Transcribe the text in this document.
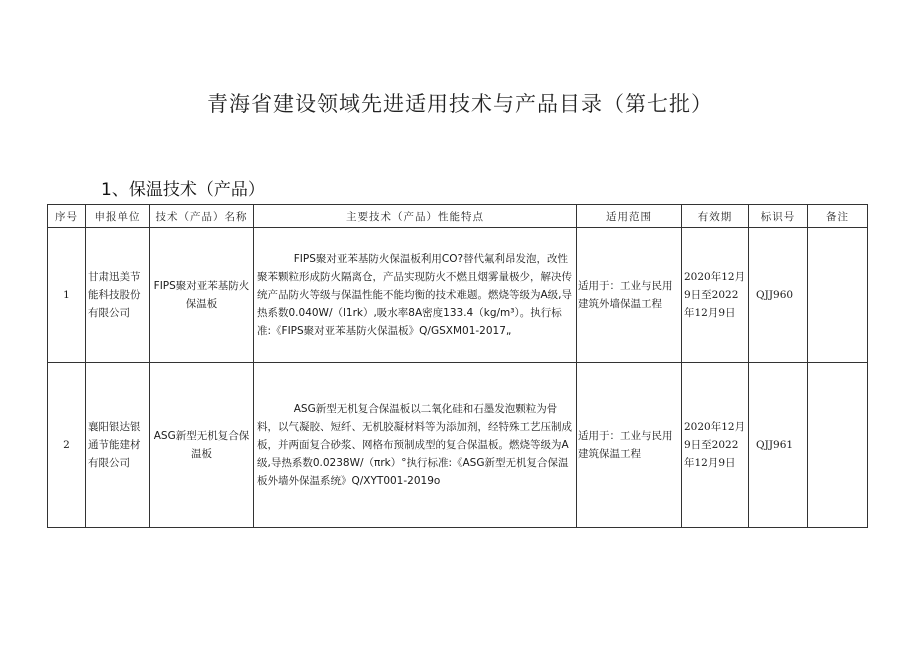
青海省建设领域先进适用技术与产品目录（第七批）
1、保温技术（产品）
序号	申报单位	技术（产品）名称	主要技术（产品）性能特点	适用范围	有效期	标识号	备注
1	甘肃迅美节能科技股份有限公司	FIPS聚对亚苯基防火保温板	FIPS聚对亚苯基防火保温板利用CO?替代氟利昂发泡，改性聚苯颗粒形成防火隔离仓，产品实现防火不燃且烟雾量极少，解决传统产品防火等级与保温性能不能均衡的技术难题。燃烧等级为A级,导热系数0.040W/（l1rk）,吸水率8A密度133.4（kg/m³）。执行标准:《FIPS聚对亚苯基防火保温板》Q/GSXM01-2017„	适用于：工业与民用建筑外墙保温工程	2020年12月9日至2022年12月9日	QJJ960	
2	襄阳银达银通节能建材有限公司	ASG新型无机复合保温板	ASG新型无机复合保温板以二氧化硅和石墨发泡颗粒为骨料，以气凝胶、短纤、无机胶凝材料等为添加剂，经特殊工艺压制成板，并两面复合砂浆、网格布预制成型的复合保温板。燃烧等级为A级,导热系数0.0238W/（πrk）°执行标准:《ASG新型无机复合保温板外墙外保温系统》Q/XYT001-2019o	适用于：工业与民用建筑保温工程	2020年12月9日至2022年12月9日	QJJ961	
